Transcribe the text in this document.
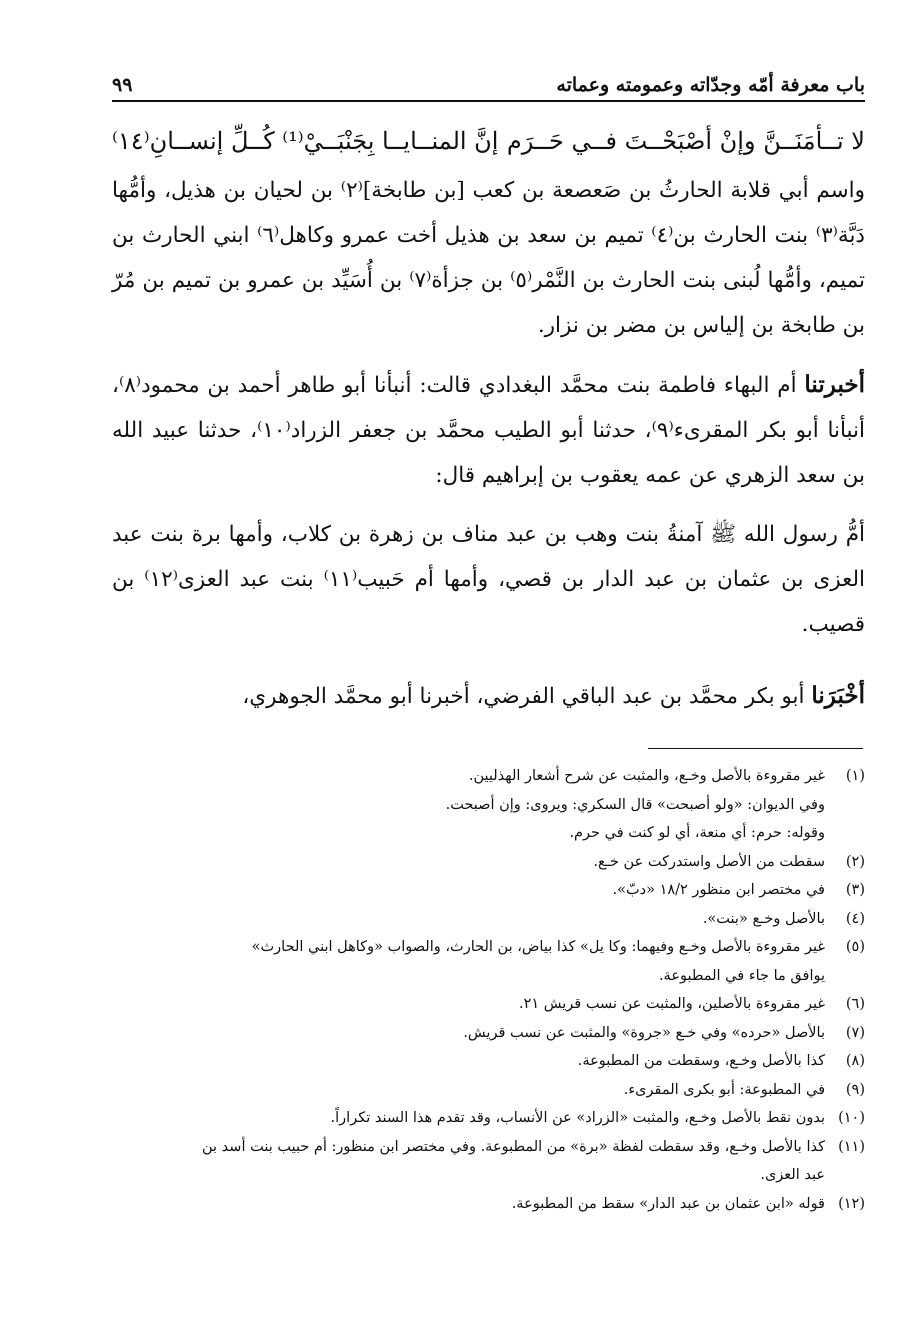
٩٩	باب معرفة أمّه وجدّاته وعمومته وعماته
لا تــأمَنَــنَّ وإنْ أصْبَحْــتَ فــي حَــرَم
إنَّ المنــايــا بِجَنْبَــيْ⁽¹⁾ كُــلِّ إنســانِ⁽١٤⁾

واسم أبي قلابة الحارثُ بن صَعصعة بن كعب [بن طابخة]⁽٢⁾ بن لحيان بن هذيل، وأمُّها دَبَّة⁽٣⁾ بنت الحارث بن⁽٤⁾ تميم بن سعد بن هذيل أخت عمرو وكاهل⁽٦⁾ ابني الحارث بن تميم، وأمُّها لُبنى بنت الحارث بن النَّمْر⁽٥⁾ بن جزأة⁽٧⁾ بن أُسَيِّد بن عمرو بن تميم بن مُرّ بن طابخة بن إلياس بن مضر بن نزار.

أخبرتنا أم البهاء فاطمة بنت محمَّد البغدادي قالت: أنبأنا أبو طاهر أحمد بن محمود⁽٨⁾، أنبأنا أبو بكر المقرىء⁽٩⁾، حدثنا أبو الطيب محمَّد بن جعفر الزراد⁽١٠⁾، حدثنا عبيد الله بن سعد الزهري عن عمه يعقوب بن إبراهيم قال:

أمُّ رسول الله ﷺ آمنةُ بنت وهب بن عبد مناف بن زهرة بن كلاب، وأمها برة بنت عبد العزى بن عثمان بن عبد الدار بن قصي، وأمها أم حَبيب⁽١١⁾ بنت عبد العزى⁽١٢⁾ بن قصيب.

أخْبَرَنا أبو بكر محمَّد بن عبد الباقي الفرضي، أخبرنا أبو محمَّد الجوهري،

(١)
غير مقروءة بالأصل وخـع، والمثبت عن شرح أشعار الهذليين.
وفي الديوان: «ولو أصبحت» قال السكري: ويروى: وإن أصبحت.
وقوله: حرم: أي منعة، أي لو كنت في حرم.
(٢)
سقطت من الأصل واستدركت عن خـع.
(٣)
في مختصر ابن منظور ١٨/٢ «دبّ».
(٤)
بالأصل وخـع «بنت».
(٥)
غير مقروءة بالأصل وخـع وفيهما: وكا يل» كذا بياض، بن الحارث، والصواب «وكاهل ابني الحارث»
يوافق ما جاء في المطبوعة.
(٦)
غير مقروءة بالأصلين، والمثبت عن نسب قريش ٢١.
(٧)
بالأصل «حرده» وفي خـع «جروة» والمثبت عن نسب قريش.
(٨)
كذا بالأصل وخـع، وسقطت من المطبوعة.
(٩)
في المطبوعة: أبو بكرى المقرىء.
(١٠)
بدون نقط بالأصل وخـع، والمثبت «الزراد» عن الأنساب، وقد تقدم هذا السند تكراراً.
(١١)
كذا بالأصل وخـع، وقد سقطت لفظة «برة» من المطبوعة. وفي مختصر ابن منظور: أم حبيب بنت أسد بن
عبد العزى.
(١٢)
قوله «ابن عثمان بن عبد الدار» سقط من المطبوعة.
